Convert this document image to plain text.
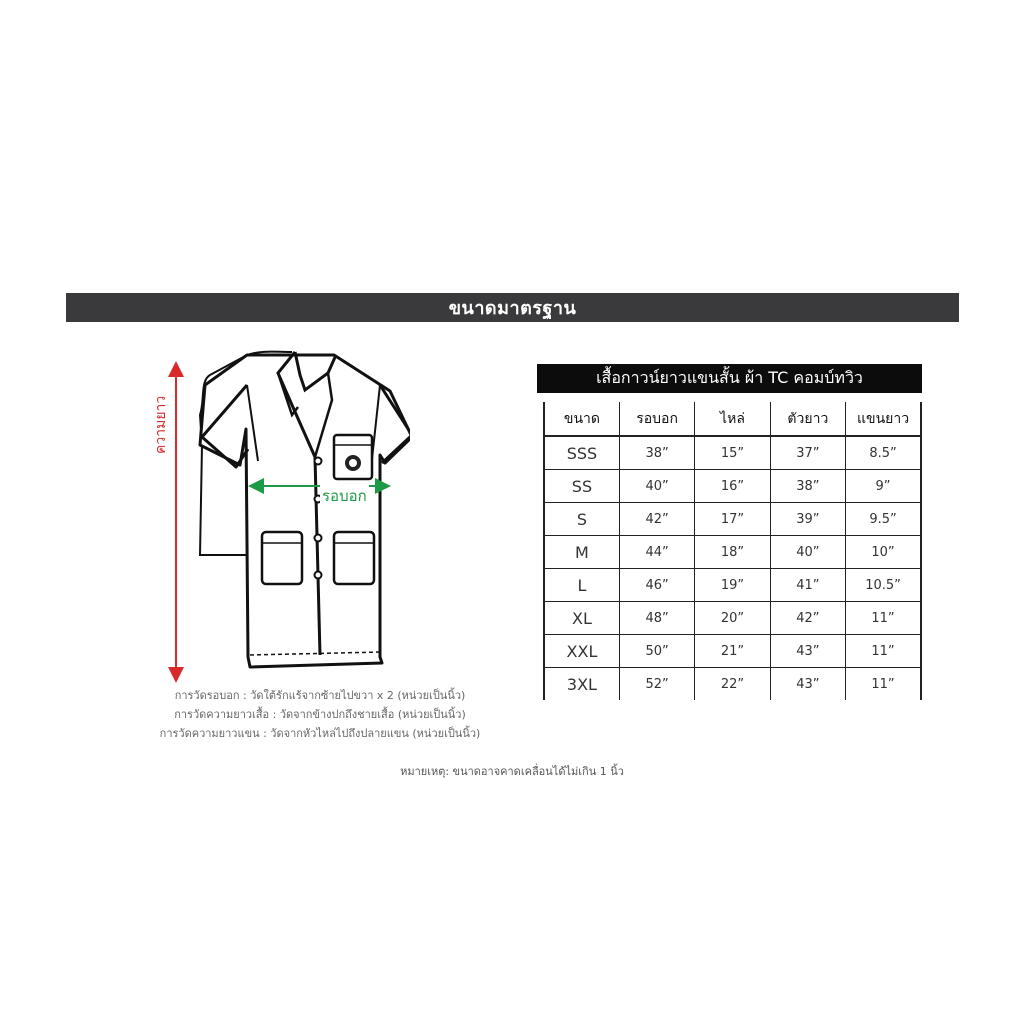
ขนาดมาตรฐาน
ความยาว
รอบอก
การวัดรอบอก : วัดใต้รักแร้จากซ้ายไปขวา x 2 (หน่วยเป็นนิ้ว)
การวัดความยาวเสื้อ : วัดจากข้างปกถึงชายเสื้อ (หน่วยเป็นนิ้ว)
การวัดความยาวแขน : วัดจากหัวไหล่ไปถึงปลายแขน (หน่วยเป็นนิ้ว)
เสื้อกาวน์ยาวแขนสั้น ผ้า TC คอมบ์ทวิว
ขนาด	รอบอก	ไหล่	ตัวยาว	แขนยาว
SSS	38”	15”	37”	8.5”
SS	40”	16”	38”	9”
S	42”	17”	39”	9.5”
M	44”	18”	40”	10”
L	46”	19”	41”	10.5”
XL	48”	20”	42”	11”
XXL	50”	21”	43”	11”
3XL	52”	22”	43”	11”
หมายเหตุ: ขนาดอาจคาดเคลื่อนได้ไม่เกิน 1 นิ้ว
